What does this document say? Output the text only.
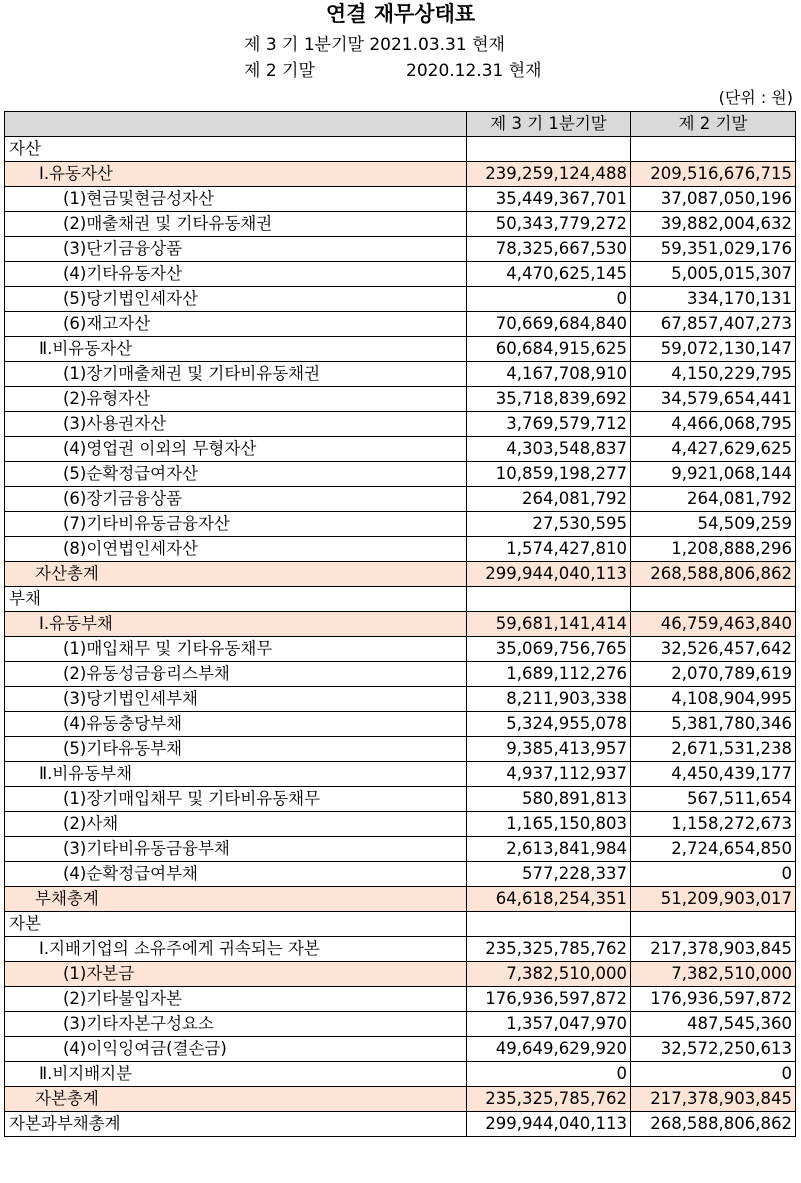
연결 재무상태표
제 3 기 1분기말 2021.03.31 현재
제 2 기말	2020.12.31 현재
(단위 : 원)
	제 3 기 1분기말	제 2 기말
자산		
Ⅰ.유동자산	239,259,124,488	209,516,676,715
(1)현금및현금성자산	35,449,367,701	37,087,050,196
(2)매출채권 및 기타유동채권	50,343,779,272	39,882,004,632
(3)단기금융상품	78,325,667,530	59,351,029,176
(4)기타유동자산	4,470,625,145	5,005,015,307
(5)당기법인세자산	0	334,170,131
(6)재고자산	70,669,684,840	67,857,407,273
Ⅱ.비유동자산	60,684,915,625	59,072,130,147
(1)장기매출채권 및 기타비유동채권	4,167,708,910	4,150,229,795
(2)유형자산	35,718,839,692	34,579,654,441
(3)사용권자산	3,769,579,712	4,466,068,795
(4)영업권 이외의 무형자산	4,303,548,837	4,427,629,625
(5)순확정급여자산	10,859,198,277	9,921,068,144
(6)장기금융상품	264,081,792	264,081,792
(7)기타비유동금융자산	27,530,595	54,509,259
(8)이연법인세자산	1,574,427,810	1,208,888,296
자산총계	299,944,040,113	268,588,806,862
부채		
Ⅰ.유동부채	59,681,141,414	46,759,463,840
(1)매입채무 및 기타유동채무	35,069,756,765	32,526,457,642
(2)유동성금융리스부채	1,689,112,276	2,070,789,619
(3)당기법인세부채	8,211,903,338	4,108,904,995
(4)유동충당부채	5,324,955,078	5,381,780,346
(5)기타유동부채	9,385,413,957	2,671,531,238
Ⅱ.비유동부채	4,937,112,937	4,450,439,177
(1)장기매입채무 및 기타비유동채무	580,891,813	567,511,654
(2)사채	1,165,150,803	1,158,272,673
(3)기타비유동금융부채	2,613,841,984	2,724,654,850
(4)순확정급여부채	577,228,337	0
부채총계	64,618,254,351	51,209,903,017
자본		
Ⅰ.지배기업의 소유주에게 귀속되는 자본	235,325,785,762	217,378,903,845
(1)자본금	7,382,510,000	7,382,510,000
(2)기타불입자본	176,936,597,872	176,936,597,872
(3)기타자본구성요소	1,357,047,970	487,545,360
(4)이익잉여금(결손금)	49,649,629,920	32,572,250,613
Ⅱ.비지배지분	0	0
자본총계	235,325,785,762	217,378,903,845
자본과부채총계	299,944,040,113	268,588,806,862
